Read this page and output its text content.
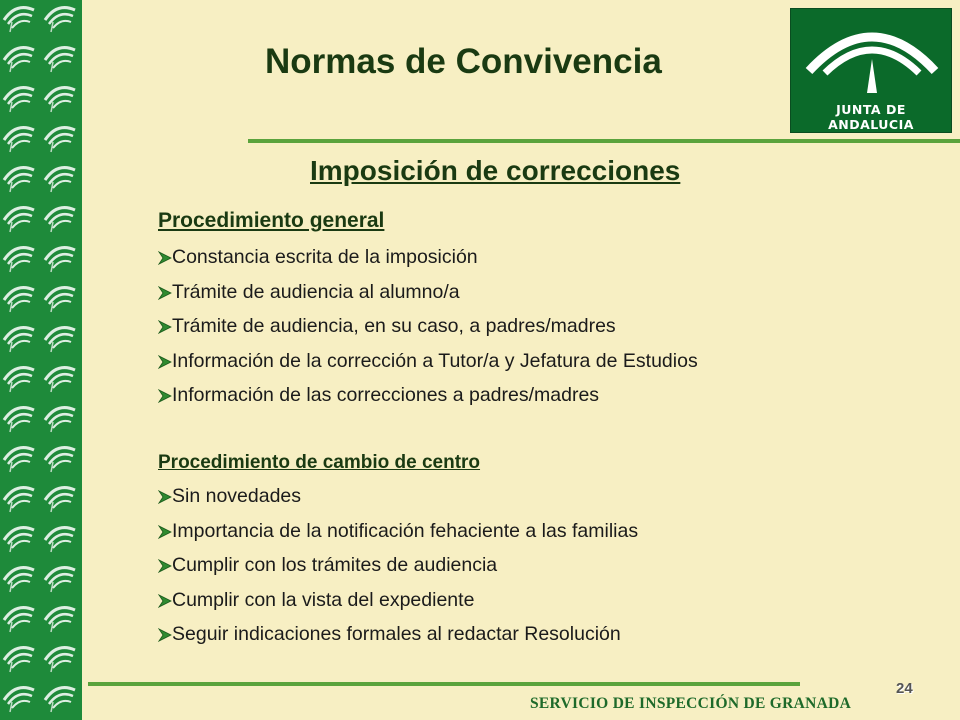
Normas de Convivencia
JUNTA DE ANDALUCIA
Imposición de correcciones
Procedimiento general
Constancia escrita de la imposición
Trámite de audiencia al alumno/a
Trámite de audiencia, en su caso, a padres/madres
Información de la corrección a Tutor/a y Jefatura de Estudios
Información de las correcciones a padres/madres
Procedimiento de cambio de centro
Sin novedades
Importancia de la notificación fehaciente a las familias
Cumplir con los trámites de audiencia
Cumplir con la vista del expediente
Seguir indicaciones formales al redactar Resolución
24
SERVICIO DE INSPECCIÓN DE GRANADA
